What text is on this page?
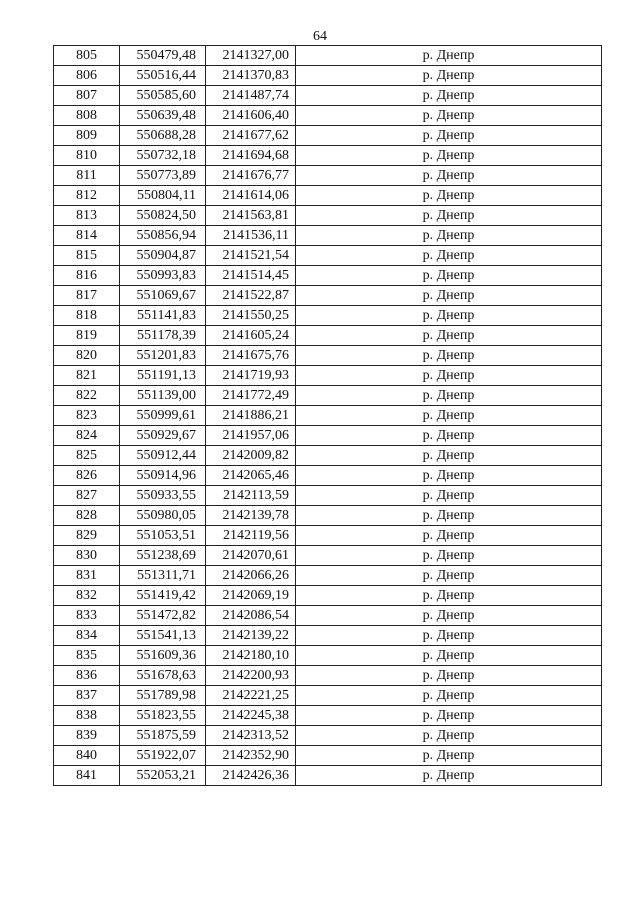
64
805	550479,48	2141327,00	р. Днепр
806	550516,44	2141370,83	р. Днепр
807	550585,60	2141487,74	р. Днепр
808	550639,48	2141606,40	р. Днепр
809	550688,28	2141677,62	р. Днепр
810	550732,18	2141694,68	р. Днепр
811	550773,89	2141676,77	р. Днепр
812	550804,11	2141614,06	р. Днепр
813	550824,50	2141563,81	р. Днепр
814	550856,94	2141536,11	р. Днепр
815	550904,87	2141521,54	р. Днепр
816	550993,83	2141514,45	р. Днепр
817	551069,67	2141522,87	р. Днепр
818	551141,83	2141550,25	р. Днепр
819	551178,39	2141605,24	р. Днепр
820	551201,83	2141675,76	р. Днепр
821	551191,13	2141719,93	р. Днепр
822	551139,00	2141772,49	р. Днепр
823	550999,61	2141886,21	р. Днепр
824	550929,67	2141957,06	р. Днепр
825	550912,44	2142009,82	р. Днепр
826	550914,96	2142065,46	р. Днепр
827	550933,55	2142113,59	р. Днепр
828	550980,05	2142139,78	р. Днепр
829	551053,51	2142119,56	р. Днепр
830	551238,69	2142070,61	р. Днепр
831	551311,71	2142066,26	р. Днепр
832	551419,42	2142069,19	р. Днепр
833	551472,82	2142086,54	р. Днепр
834	551541,13	2142139,22	р. Днепр
835	551609,36	2142180,10	р. Днепр
836	551678,63	2142200,93	р. Днепр
837	551789,98	2142221,25	р. Днепр
838	551823,55	2142245,38	р. Днепр
839	551875,59	2142313,52	р. Днепр
840	551922,07	2142352,90	р. Днепр
841	552053,21	2142426,36	р. Днепр
